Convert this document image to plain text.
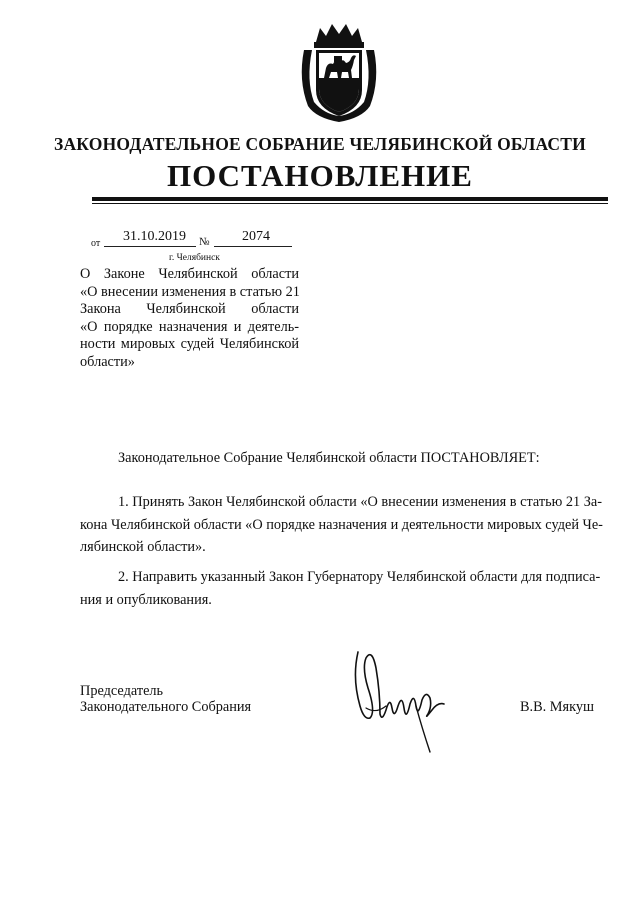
ЗАКОНОДАТЕЛЬНОЕ СОБРАНИЕ ЧЕЛЯБИНСКОЙ ОБЛАСТИ
ПОСТАНОВЛЕНИЕ
от	31.10.2019 №	2074
г. Челябинск
О Законе Челябинской области
«О внесении изменения в статью 21
Закона Челябинской области
«О порядке назначения и деятель-
ности мировых судей Челябинской
области»
Законодательное Собрание Челябинской области ПОСТАНОВЛЯЕТ:
1. Принять Закон Челябинской области «О внесении изменения в статью 21 За-
кона Челябинской области «О порядке назначения и деятельности мировых судей Че-
лябинской области».
2. Направить указанный Закон Губернатору Челябинской области для подписа-
ния и опубликования.
Председатель
Законодательного Собрания	В.В. Мякуш
